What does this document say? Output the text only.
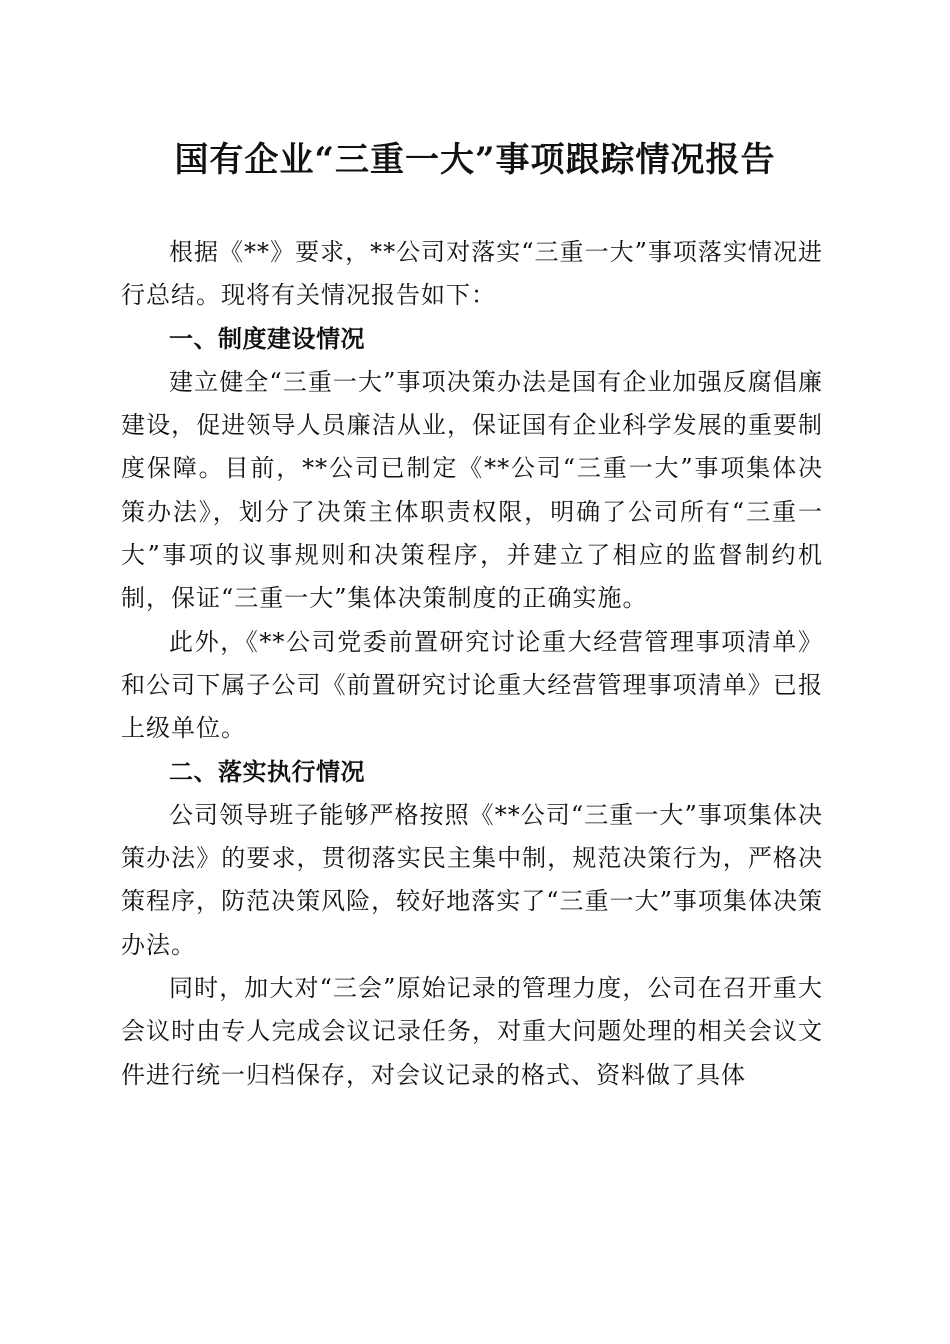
国有企业“三重一大”事项跟踪情况报告

根据《**》要求，**公司对落实“三重一大”事项落实情况进行总结。现将有关情况报告如下：

一、制度建设情况

建立健全“三重一大”事项决策办法是国有企业加强反腐倡廉建设，促进领导人员廉洁从业，保证国有企业科学发展的重要制度保障。目前，**公司已制定《**公司“三重一大”事项集体决策办法》，划分了决策主体职责权限，明确了公司所有“三重一大”事项的议事规则和决策程序，并建立了相应的监督制约机制，保证“三重一大”集体决策制度的正确实施。

此外，《**公司党委前置研究讨论重大经营管理事项清单》和公司下属子公司《前置研究讨论重大经营管理事项清单》已报上级单位。

二、落实执行情况

公司领导班子能够严格按照《**公司“三重一大”事项集体决策办法》的要求，贯彻落实民主集中制，规范决策行为，严格决策程序，防范决策风险，较好地落实了“三重一大”事项集体决策办法。

同时，加大对“三会”原始记录的管理力度，公司在召开重大会议时由专人完成会议记录任务，对重大问题处理的相关会议文件进行统一归档保存，对会议记录的格式、资料做了具体
